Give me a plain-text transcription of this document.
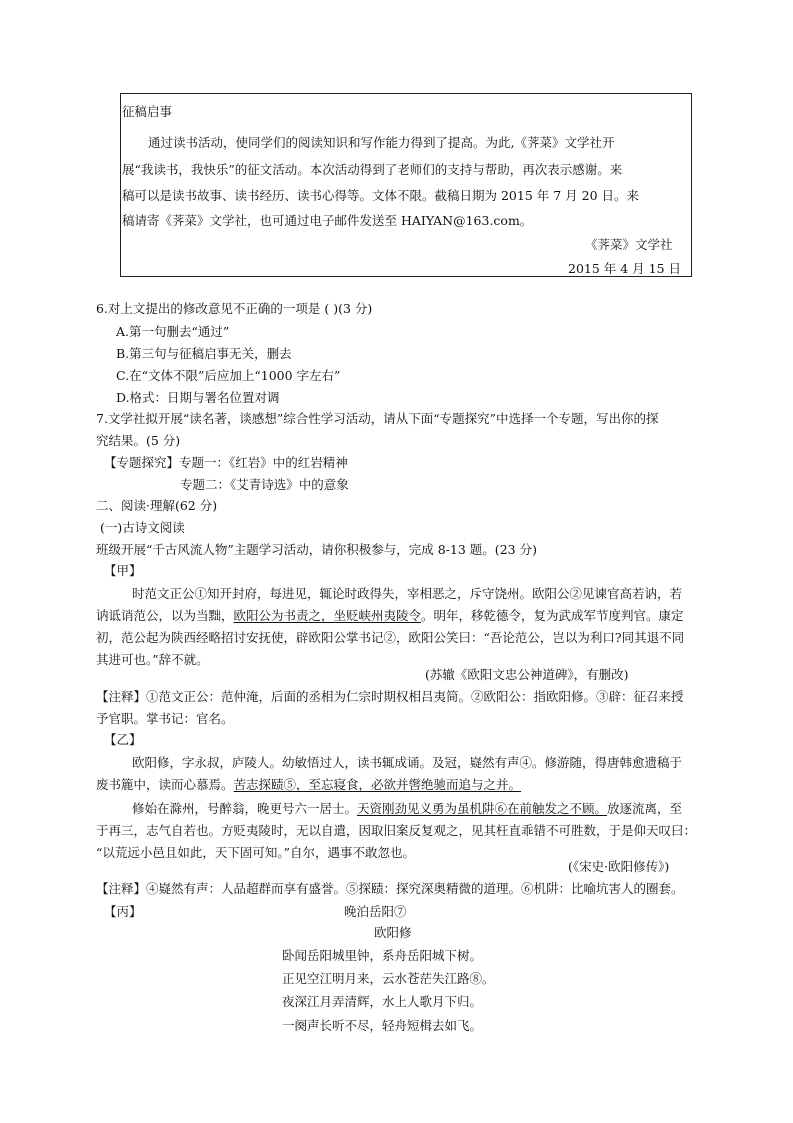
征稿启事
通过读书活动，使同学们的阅读知识和写作能力得到了提高。为此,《荠菜》文学社开
展“我读书，我快乐”的征文活动。本次活动得到了老师们的支持与帮助，再次表示感谢。来
稿可以是读书故事、读书经历、读书心得等。文体不限。截稿日期为 2015 年 7 月 20 日。来
稿请寄《荠菜》文学社，也可通过电子邮件发送至 HAIYAN@163.com。
《荠菜》文学社
2015 年 4 月 15 日
6.对上文提出的修改意见不正确的一项是 ( )(3 分)
A.第一句删去“通过”
B.第三句与征稿启事无关，删去
C.在“文体不限”后应加上“1000 字左右”
D.格式：日期与署名位置对调
7.文学社拟开展“读名著，谈感想”综合性学习活动，请从下面“专题探究”中选择一个专题，写出你的探
究结果。(5 分)
【专题探究】专题一：《红岩》中的红岩精神
专题二：《艾青诗选》中的意象
二、阅读·理解(62 分)
(一)古诗文阅读
班级开展“千古风流人物”主题学习活动，请你积极参与，完成 8-13 题。(23 分)
【甲】
时范文正公①知开封府，每进见，辄论时政得失，宰相恶之，斥守饶州。欧阳公②见谏官高若讷，若
讷诋诮范公，以为当黜，欧阳公为书责之，坐贬峡州夷陵令。明年，移乾德令，复为武成军节度判官。康定
初，范公起为陕西经略招讨安抚使，辟欧阳公掌书记②，欧阳公笑曰：“吾论范公，岂以为利口?同其退不同
其进可也。”辞不就。
(苏辙《欧阳文忠公神道碑》，有删改)
【注释】①范文正公：范仲淹，后面的丞相为仁宗时期权相吕夷简。②欧阳公：指欧阳修。③辟：征召来授
予官职。掌书记：官名。
【乙】
欧阳修，字永叔，庐陵人。幼敏悟过人，读书辄成诵。及冠，嶷然有声④。修游随，得唐韩愈遗稿于
废书簏中，读而心慕焉。苦志探赜⑤，至忘寝食，必欲并辔绝驰而追与之并。
修始在滁州，号醉翁，晚更号六一居士。天资刚劲见义勇为虽机阱⑥在前触发之不顾。放逐流离，至
于再三，志气自若也。方贬夷陵时，无以自遣，因取旧案反复观之，见其枉直乖错不可胜数，于是仰天叹曰：
“以荒远小邑且如此，天下固可知。”自尔，遇事不敢忽也。
(《宋史·欧阳修传》)
【注释】④嶷然有声：人品超群而享有盛誉。⑤探赜：探究深奥精微的道理。⑥机阱：比喻坑害人的圈套。
【丙】	晚泊岳阳⑦
欧阳修
卧闻岳阳城里钟，系舟岳阳城下树。
正见空江明月来，云水苍茫失江路⑧。
夜深江月弄清辉，水上人歌月下归。
一阕声长听不尽，轻舟短楫去如飞。
